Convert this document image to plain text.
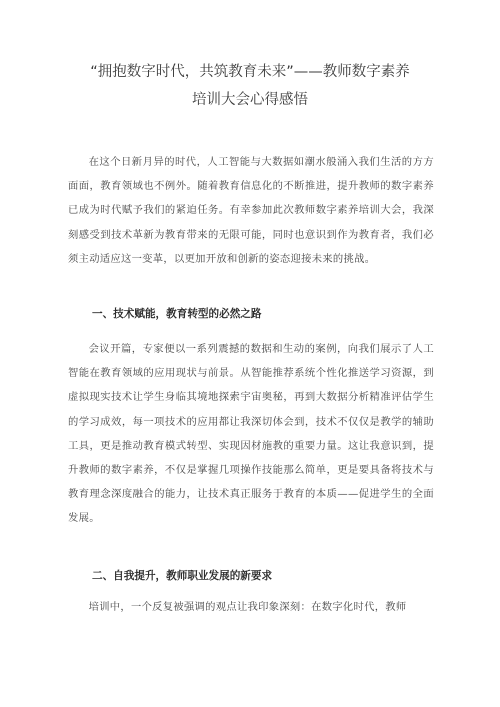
“拥抱数字时代，共筑教育未来”——教师数字素养
培训大会心得感悟

在这个日新月异的时代，人工智能与大数据如潮水般涌入我们生活的方方面面，教育领域也不例外。随着教育信息化的不断推进，提升教师的数字素养已成为时代赋予我们的紧迫任务。有幸参加此次教师数字素养培训大会，我深刻感受到技术革新为教育带来的无限可能，同时也意识到作为教育者，我们必须主动适应这一变革，以更加开放和创新的姿态迎接未来的挑战。

一、技术赋能，教育转型的必然之路

会议开篇，专家便以一系列震撼的数据和生动的案例，向我们展示了人工智能在教育领域的应用现状与前景。从智能推荐系统个性化推送学习资源，到虚拟现实技术让学生身临其境地探索宇宙奥秘，再到大数据分析精准评估学生的学习成效，每一项技术的应用都让我深切体会到，技术不仅仅是教学的辅助工具，更是推动教育模式转型、实现因材施教的重要力量。这让我意识到，提升教师的数字素养，不仅是掌握几项操作技能那么简单，更是要具备将技术与教育理念深度融合的能力，让技术真正服务于教育的本质——促进学生的全面发展。

二、自我提升，教师职业发展的新要求

培训中，一个反复被强调的观点让我印象深刻：在数字化时代，教师
